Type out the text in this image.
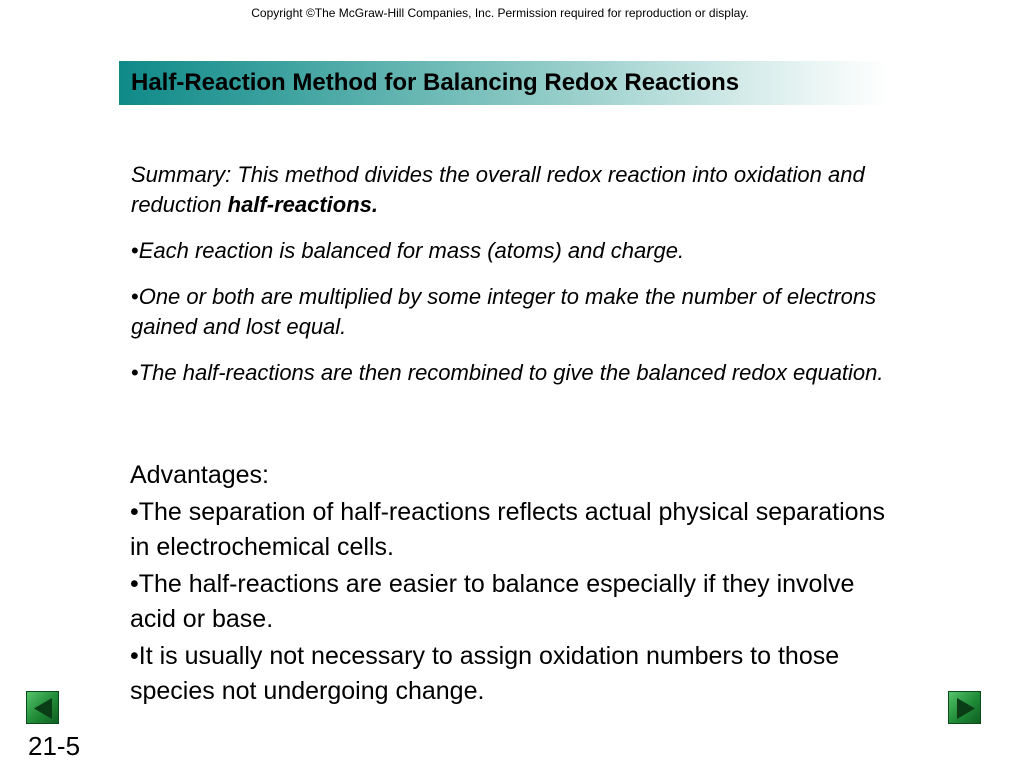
Copyright ©The McGraw-Hill Companies, Inc. Permission required for reproduction or display.
Half-Reaction Method for Balancing Redox Reactions

Summary: This method divides the overall redox reaction into oxidation and reduction half-reactions.

•Each reaction is balanced for mass (atoms) and charge.

•One or both are multiplied by some integer to make the number of electrons gained and lost equal.

•The half-reactions are then recombined to give the balanced redox equation.

Advantages:

•The separation of half-reactions reflects actual physical separations in electrochemical cells.

•The half-reactions are easier to balance especially if they involve acid or base.

•It is usually not necessary to assign oxidation numbers to those species not undergoing change.

21-5
